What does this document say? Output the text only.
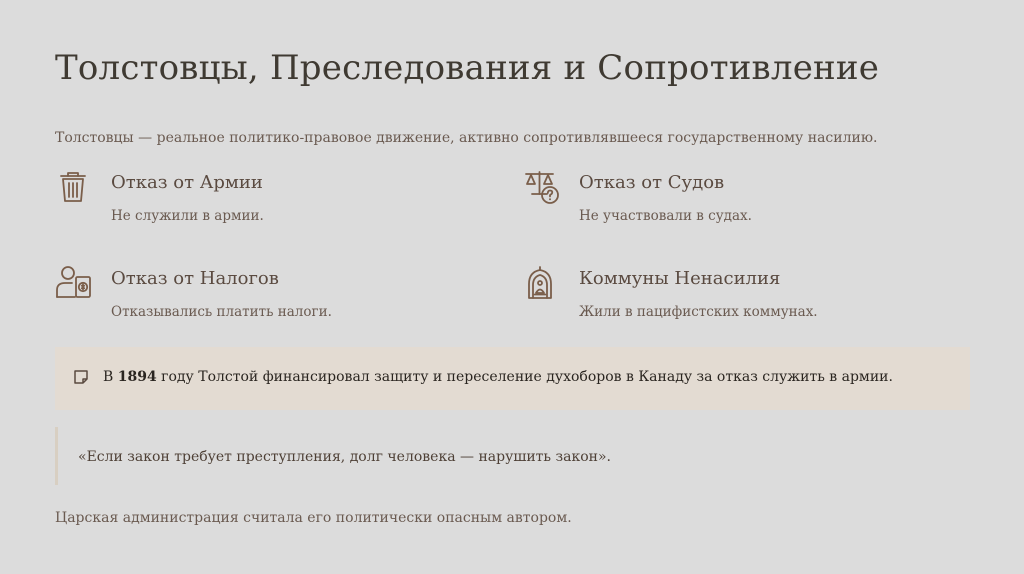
Толстовцы, Преследования и Сопротивление
Толстовцы — реальное политико-правовое движение, активно сопротивлявшееся государственному насилию.
Отказ от Армии
Не служили в армии.
Отказ от Судов
Не участвовали в судах.
Отказ от Налогов
Отказывались платить налоги.
Коммуны Ненасилия
Жили в пацифистских коммунах.
В 1894 году Толстой финансировал защиту и переселение духоборов в Канаду за отказ служить в армии.
«Если закон требует преступления, долг человека — нарушить закон».
Царская администрация считала его политически опасным автором.
